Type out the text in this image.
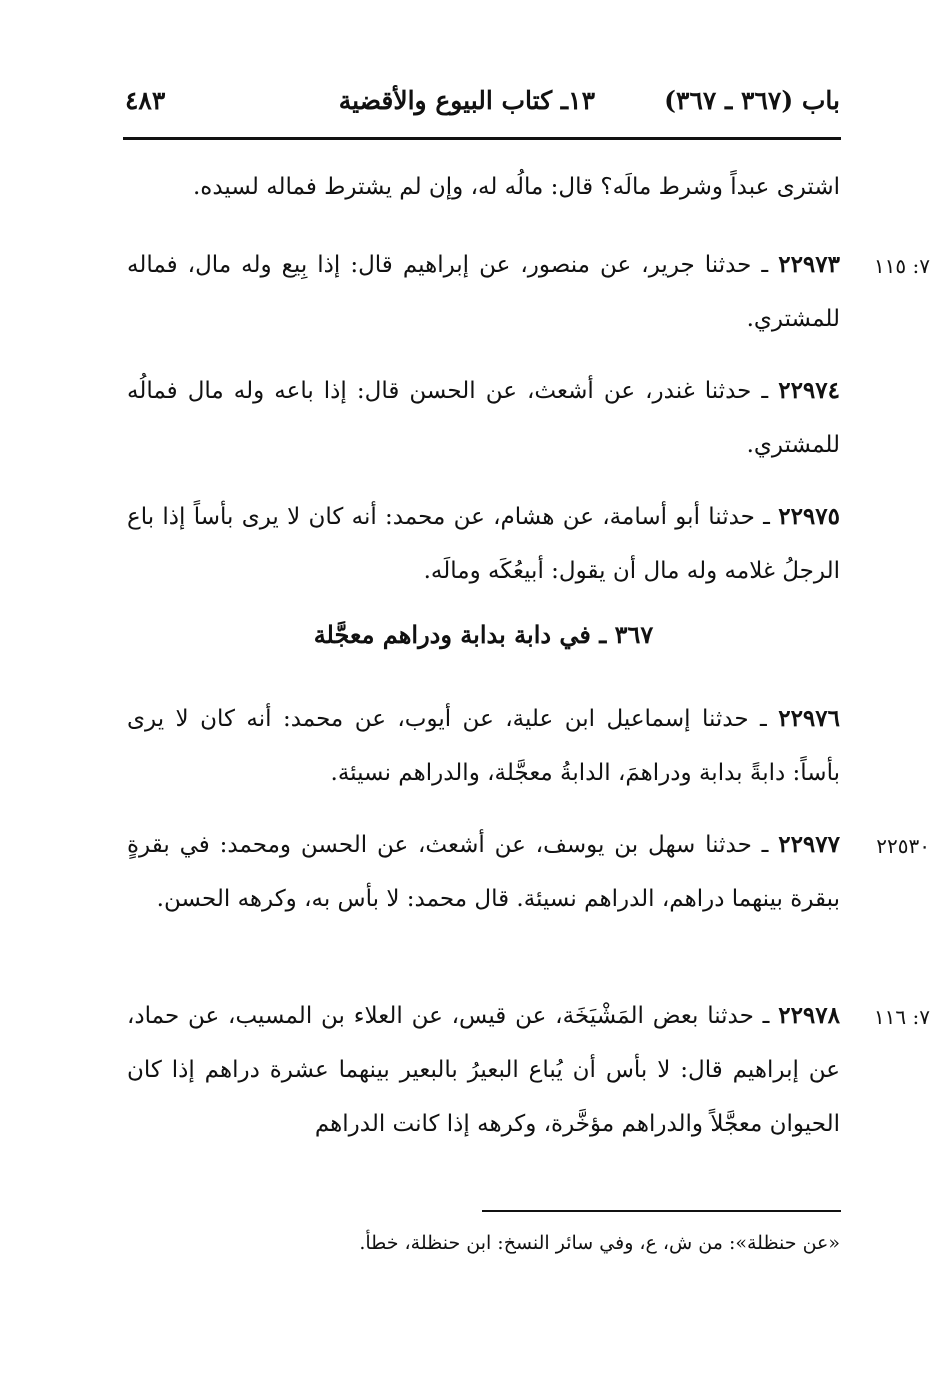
باب (٣٦٧ ـ ٣٦٧)
١٣ـ كتاب البيوع والأقضية
٤٨٣

اشترى عبداً وشرط مالَه؟ قال: مالُه له، وإن لم يشترط فماله لسيده.

٧: ١١٥

٢٢٩٧٣ ـ حدثنا جرير، عن منصور، عن إبراهيم قال: إذا بِيع وله مال، فماله للمشتري.

٢٢٩٧٤ ـ حدثنا غندر، عن أشعث، عن الحسن قال: إذا باعه وله مال فمالُه للمشتري.

٢٢٩٧٥ ـ حدثنا أبو أسامة، عن هشام، عن محمد: أنه كان لا يرى بأساً إذا باع الرجلُ غلامه وله مال أن يقول: أبيعُكَه ومالَه.

٣٦٧ ـ في دابة بدابة ودراهم معجَّلة

٢٢٩٧٦ ـ حدثنا إسماعيل ابن علية، عن أيوب، عن محمد: أنه كان لا يرى بأساً: دابةً بدابة ودراهمَ، الدابةُ معجَّلة، والدراهم نسيئة.

٢٢٥٣٠

٢٢٩٧٧ ـ حدثنا سهل بن يوسف، عن أشعث، عن الحسن ومحمد: في بقرةٍ ببقرة بينهما دراهم، الدراهم نسيئة. قال محمد: لا بأس به، وكرهه الحسن.

٧: ١١٦

٢٢٩٧٨ ـ حدثنا بعض المَشْيَخَة، عن قيس، عن العلاء بن المسيب، عن حماد، عن إبراهيم قال: لا بأس أن يُباع البعيرُ بالبعير بينهما عشرة دراهم إذا كان الحيوان معجَّلاً والدراهم مؤخَّرة، وكرهه إذا كانت الدراهم

«عن حنظلة»: من ش، ع، وفي سائر النسخ: ابن حنظلة، خطأ.
